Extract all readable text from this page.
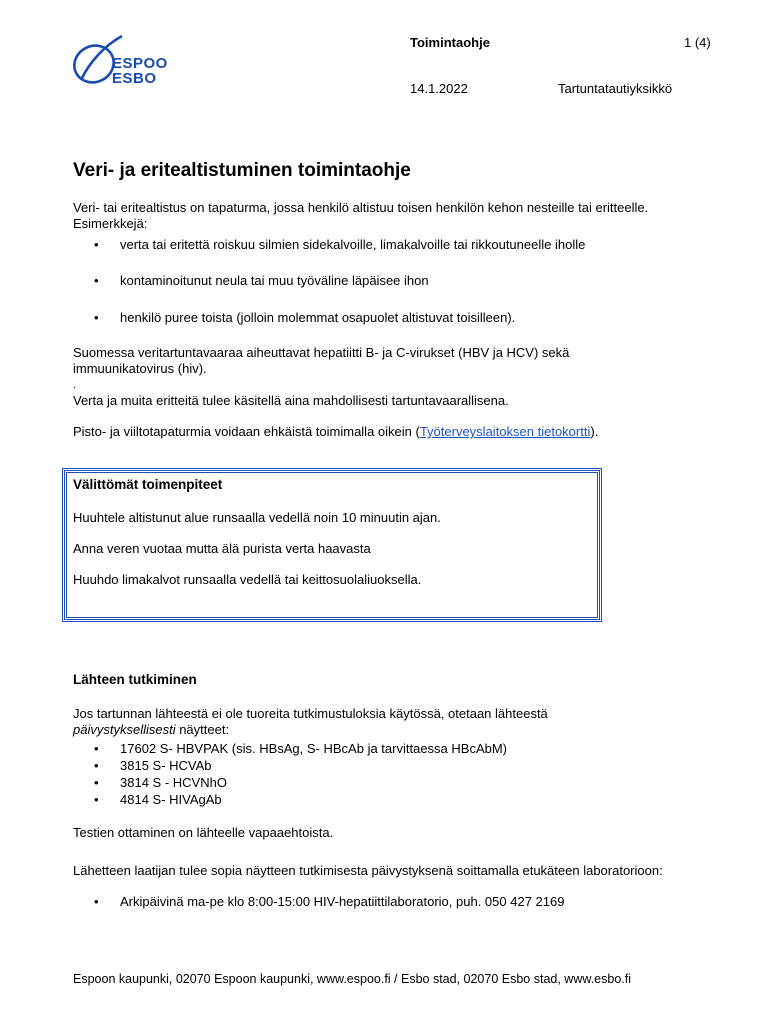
ESPOO
ESBO
Toimintaohje	1 (4)
14.1.2022	Tartuntatautiyksikkö
Veri- ja eritealtistuminen toimintaohje
Veri- tai eritealtistus on tapaturma, jossa henkilö altistuu toisen henkilön kehon nesteille tai eritteelle. Esimerkkejä:
• verta tai eritettä roiskuu silmien sidekalvoille, limakalvoille tai rikkoutuneelle iholle
• kontaminoitunut neula tai muu työväline läpäisee ihon
• henkilö puree toista (jolloin molemmat osapuolet altistuvat toisilleen).
Suomessa veritartuntavaaraa aiheuttavat hepatiitti B- ja C-virukset (HBV ja HCV) sekä immuunikatovirus (hiv).
.
Verta ja muita eritteitä tulee käsitellä aina mahdollisesti tartuntavaarallisena.
Pisto- ja viiltotapaturmia voidaan ehkäistä toimimalla oikein (Työterveyslaitoksen tietokortti).
Välittömät toimenpiteet
Huuhtele altistunut alue runsaalla vedellä noin 10 minuutin ajan.
Anna veren vuotaa mutta älä purista verta haavasta
Huuhdo limakalvot runsaalla vedellä tai keittosuolaliuoksella.
Lähteen tutkiminen
Jos tartunnan lähteestä ei ole tuoreita tutkimustuloksia käytössä, otetaan lähteestä
päivystyksellisesti näytteet:
• 17602 S- HBVPAK (sis. HBsAg, S- HBcAb ja tarvittaessa HBcAbM)
• 3815 S- HCVAb
• 3814 S - HCVNhO
• 4814 S- HIVAgAb
Testien ottaminen on lähteelle vapaaehtoista.
Lähetteen laatijan tulee sopia näytteen tutkimisesta päivystyksenä soittamalla etukäteen laboratorioon:
• Arkipäivinä ma-pe klo 8:00-15:00 HIV-hepatiittilaboratorio, puh. 050 427 2169
Espoon kaupunki, 02070 Espoon kaupunki, www.espoo.fi / Esbo stad, 02070 Esbo stad, www.esbo.fi
